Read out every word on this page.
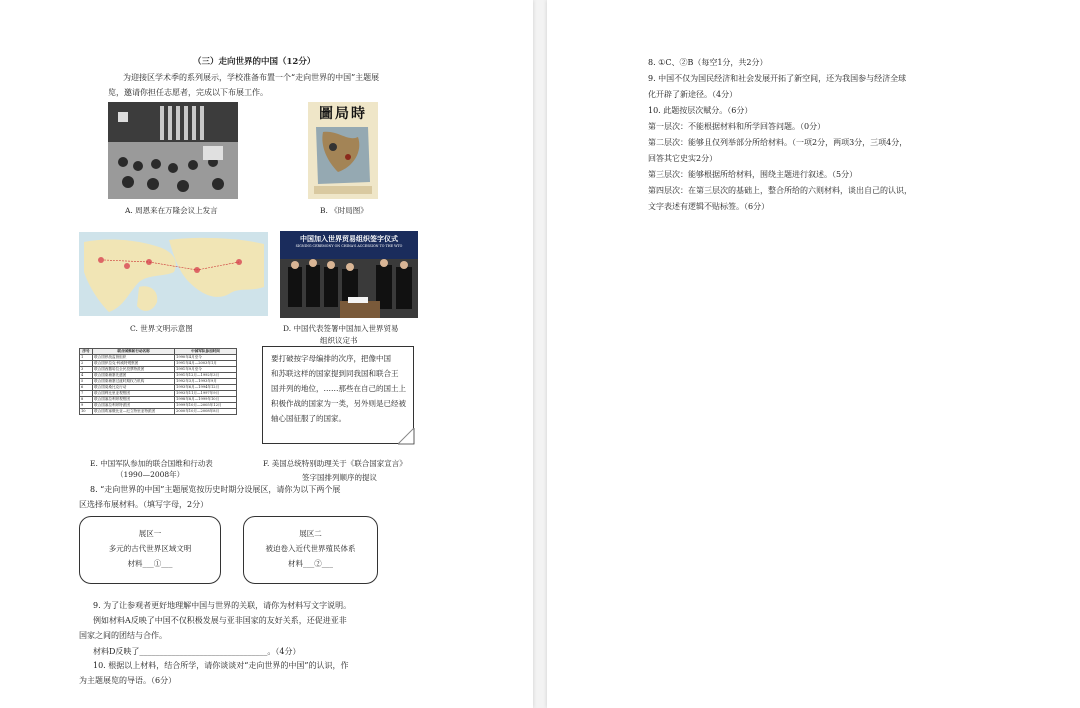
（三）走向世界的中国（12分）
为迎接区学术季的系列展示，学校准备布置一个“走向世界的中国”主题展
览，邀请你担任志愿者，完成以下布展工作。
圖局時
A. 周恩来在万隆会议上发言	B. 《时局图》
中国加入世界贸易组织签字仪式
SIGNING CEREMONY ON CHINA'S ACCESSION TO THE WTO
C. 世界文明示意图	D. 中国代表签署中国加入世界贸易
组织议定书
序号	联合国维和行动名称	中国军队参加时间
1	联合国停战监督组织	1990年4月至今
2	联合国伊拉克-科威特观察团	1991年4月—2003年1月
3	联合国西撒哈拉全民投票特派团	1991年9月至今
4	联合国柬埔寨先遣团	1991年12月—1992年3月
5	联合国柬埔寨过渡时期权力机构	1992年3月—1993年9月
6	联合国莫桑比克行动	1993年6月—1994年12月
7	联合国利比里亚观察团	1993年11月—1997年9月
8	联合国塞拉利昂观察团	1998年8月—1999年10月
9	联合国塞拉利昂特派团	1999年10月—2005年12月
10	联合国埃塞俄比亚—厄立特里亚特派团	2000年10月—2008年8月
要打破按字母编排的次序，把像中国
和苏联这样的国家提到同我国和联合王
国并列的地位，……那些在自己的国土上
积极作战的国家为一类，另外则是已经被
轴心国征服了的国家。
E. 中国军队参加的联合国维和行动表
（1990—2008年）
F. 美国总统特别助理关于《联合国家宣言》
签字国排列顺序的提议
8. “走向世界的中国”主题展览按历史时期分设展区，请你为以下两个展
区选择布展材料。（填写字母，2分）
展区一
多元的古代世界区域文明
材料___①___
展区二
被迫卷入近代世界殖民体系
材料___②___
9. 为了让参观者更好地理解中国与世界的关联，请你为材料写文字说明。
例如材料A反映了中国不仅积极发展与亚非国家的友好关系，还促进亚非
国家之间的团结与合作。
材料D反映了________________________________。（4分）
10. 根据以上材料，结合所学，请你谈谈对“走向世界的中国”的认识，作
为主题展览的导语。（6分）
8. ①C、②B（每空1分，共2分）
9. 中国不仅为国民经济和社会发展开拓了新空间，还为我国参与经济全球
化开辟了新途径。（4分）
10. 此题按层次赋分。（6分）
第一层次：不能根据材料和所学回答问题。（0分）
第二层次：能够且仅列举部分所给材料。（一项2分，两项3分，三项4分，
回答其它史实2分）
第三层次：能够根据所给材料，围绕主题进行叙述。（5分）
第四层次：在第三层次的基础上，整合所给的六则材料，谈出自己的认识，
文字表述有逻辑不贴标签。（6分）
